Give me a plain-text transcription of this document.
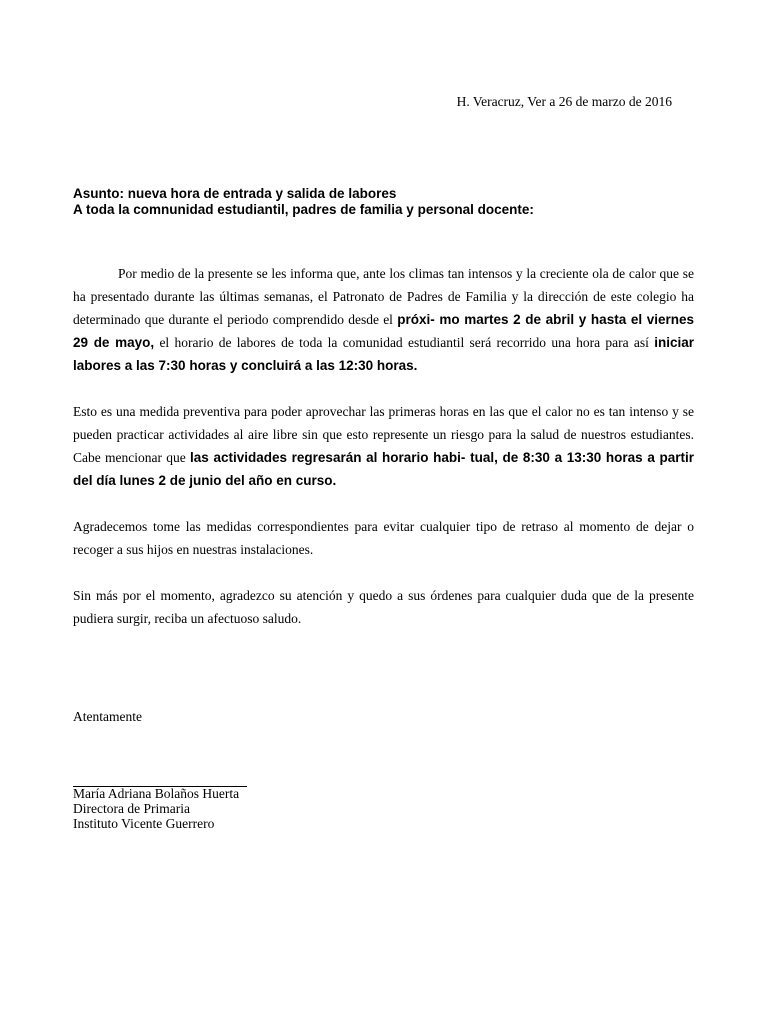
H. Veracruz, Ver a 26 de marzo de 2016
Asunto: nueva hora de entrada y salida de labores
A toda la comnunidad estudiantil, padres de familia y personal docente:
Por medio de la presente se les informa que, ante los climas tan intensos y la creciente ola de calor que se ha presentado durante las últimas semanas, el Patronato de Padres de Familia y la dirección de este colegio ha determinado que durante el periodo comprendido desde el próxi- mo martes 2 de abril y hasta el viernes 29 de mayo, el horario de labores de toda la comunidad estudiantil será recorrido una hora para así iniciar labores a las 7:30 horas y concluirá a las 12:30 horas.
Esto es una medida preventiva para poder aprovechar las primeras horas en las que el calor no es tan intenso y se pueden practicar actividades al aire libre sin que esto represente un riesgo para la salud de nuestros estudiantes. Cabe mencionar que las actividades regresarán al horario habi- tual, de 8:30 a 13:30 horas a partir del día lunes 2 de junio del año en curso.
Agradecemos tome las medidas correspondientes para evitar cualquier tipo de retraso al momento de dejar o recoger a sus hijos en nuestras instalaciones.
Sin más por el momento, agradezco su atención y quedo a sus órdenes para cualquier duda que de la presente pudiera surgir, reciba un afectuoso saludo.
Atentamente
María Adriana Bolaños Huerta
Directora de Primaria
Instituto Vicente Guerrero
